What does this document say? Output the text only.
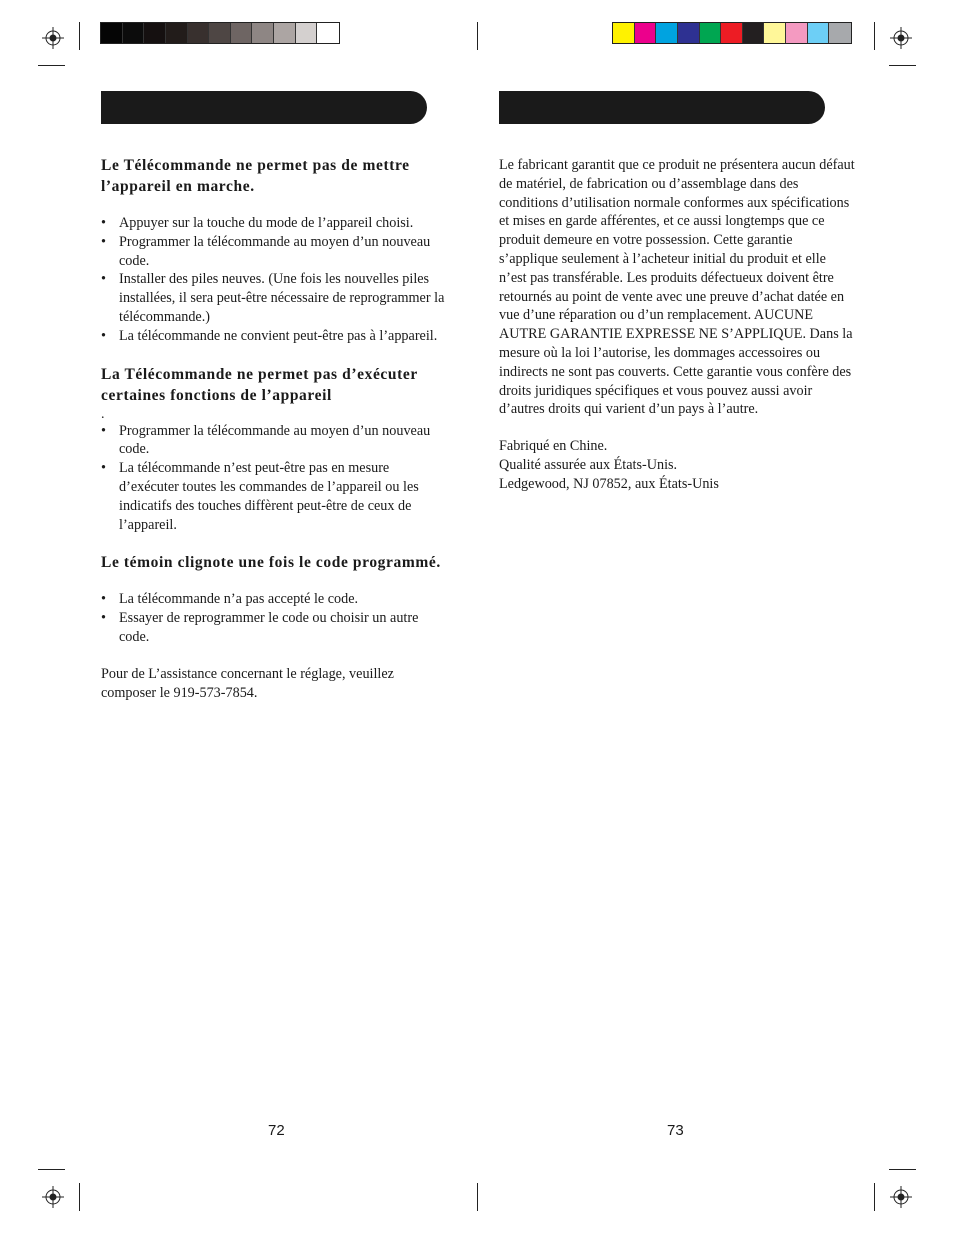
Le Télécommande ne permet pas de mettre l’appareil en marche.

• Appuyer sur la touche du mode de l’appareil choisi.
• Programmer la télécommande au moyen d’un nouveau code.
• Installer des piles neuves. (Une fois les nouvelles piles installées, il sera peut-être nécessaire de reprogrammer la télécommande.)
• La télécommande ne convient peut-être pas à l’appareil.

La Télécommande ne permet pas d’exécuter certaines fonctions de l’appareil

.
• Programmer la télécommande au moyen d’un nouveau code.
• La télécommande n’est peut-être pas en mesure d’exécuter toutes les commandes de l’appareil ou les indicatifs des touches diffèrent peut-être de ceux de l’appareil.

Le témoin clignote une fois le code programmé.

• La télécommande n’a pas accepté le code.
• Essayer de reprogrammer le code ou choisir un autre code.

Pour de L’assistance concernant le réglage, veuillez composer le 919-573-7854.

Le fabricant garantit que ce produit ne présentera aucun défaut de matériel, de fabrication ou d’assemblage dans des conditions d’utilisation normale conformes aux spécifications et mises en garde afférentes, et ce aussi longtemps que ce produit demeure en votre possession. Cette garantie s’applique seulement à l’acheteur initial du produit et elle n’est pas transférable. Les produits défectueux doivent être retournés au point de vente avec une preuve d’achat datée en vue d’une réparation ou d’un remplacement. AUCUNE AUTRE GARANTIE EXPRESSE NE S’APPLIQUE. Dans la mesure où la loi l’autorise, les dommages accessoires ou indirects ne sont pas couverts. Cette garantie vous confère des droits juridiques spécifiques et vous pouvez aussi avoir d’autres droits qui varient d’un pays à l’autre.

Fabriqué en Chine.

Qualité assurée aux États-Unis.

Ledgewood, NJ 07852, aux États-Unis

72	73
